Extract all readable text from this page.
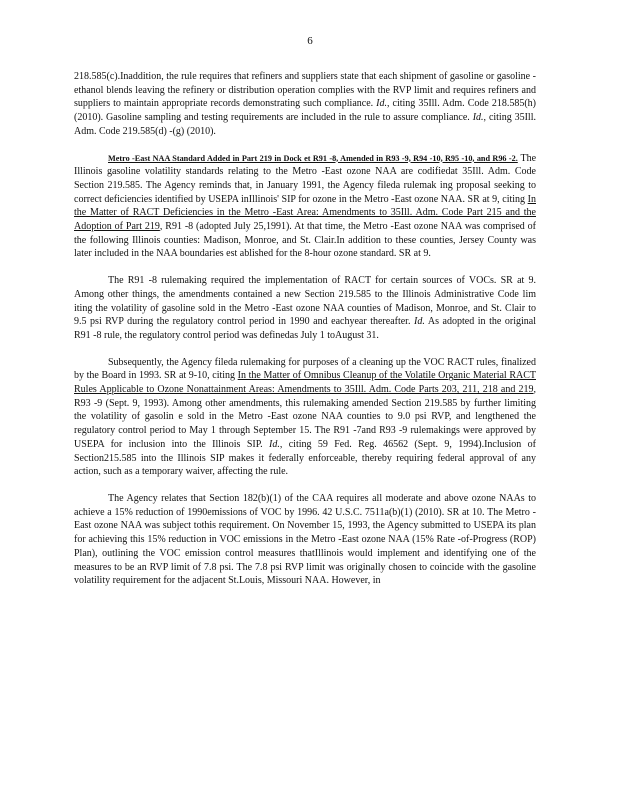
6

218.585(c).Inaddition, the rule requires that refiners and suppliers state that each shipment of gasoline or gasoline -ethanol blends leaving the refinery or distribution operation complies with the RVP limit and requires refiners and suppliers to maintain appropriate records demonstrating such compliance. Id., citing 35Ill. Adm. Code 218.585(h) (2010). Gasoline sampling and testing requirements are included in the rule to assure compliance. Id., citing 35Ill. Adm. Code 219.585(d) -(g) (2010).

Metro -East NAA Standard Added in Part 219 in Dock et R91 -8, Amended in R93 -9, R94 -10, R95 -10, and R96 -2. The Illinois gasoline volatility standards relating to the Metro -East ozone NAA are codifiedat 35Ill. Adm. Code Section 219.585. The Agency reminds that, in January 1991, the Agency fileda rulemak ing proposal seeking to correct deficiencies identified by USEPA inIllinois' SIP for ozone in the Metro -East ozone NAA. SR at 9, citing In the Matter of RACT Deficiencies in the Metro -East Area: Amendments to 35Ill. Adm. Code Part 215 and the Adoption of Part 219, R91 -8 (adopted July 25,1991). At that time, the Metro -East ozone NAA was comprised of the following Illinois counties: Madison, Monroe, and St. Clair.In addition to these counties, Jersey County was later included in the NAA boundaries est ablished for the 8-hour ozone standard. SR at 9.

The R91 -8 rulemaking required the implementation of RACT for certain sources of VOCs. SR at 9. Among other things, the amendments contained a new Section 219.585 to the Illinois Administrative Code lim iting the volatility of gasoline sold in the Metro -East ozone NAA counties of Madison, Monroe, and St. Clair to 9.5 psi RVP during the regulatory control period in 1990 and eachyear thereafter. Id. As adopted in the original R91 -8 rule, the regulatory control period was definedas July 1 toAugust 31.

Subsequently, the Agency fileda rulemaking for purposes of a cleaning up the VOC RACT rules, finalized by the Board in 1993. SR at 9-10, citing In the Matter of Omnibus Cleanup of the Volatile Organic Material RACT Rules Applicable to Ozone Nonattainment Areas: Amendments to 35Ill. Adm. Code Parts 203, 211, 218 and 219, R93 -9 (Sept. 9, 1993). Among other amendments, this rulemaking amended Section 219.585 by further limiting the volatility of gasolin e sold in the Metro -East ozone NAA counties to 9.0 psi RVP, and lengthened the regulatory control period to May 1 through September 15. The R91 -7and R93 -9 rulemakings were approved by USEPA for inclusion into the Illinois SIP. Id., citing 59 Fed. Reg. 46562 (Sept. 9, 1994).Inclusion of Section215.585 into the Illinois SIP makes it federally enforceable, thereby requiring federal approval of any action, such as a temporary waiver, affecting the rule.

The Agency relates that Section 182(b)(1) of the CAA requires all moderate and above ozone NAAs to achieve a 15% reduction of 1990emissions of VOC by 1996. 42 U.S.C. 7511a(b)(1) (2010). SR at 10. The Metro -East ozone NAA was subject tothis requirement. On November 15, 1993, the Agency submitted to USEPA its plan for achieving this 15% reduction in VOC emissions in the Metro -East ozone NAA (15% Rate -of-Progress (ROP) Plan), outlining the VOC emission control measures thatIllinois would implement and identifying one of the measures to be an RVP limit of 7.8 psi. The 7.8 psi RVP limit was originally chosen to coincide with the gasoline volatility requirement for the adjacent St.Louis, Missouri NAA. However, in
